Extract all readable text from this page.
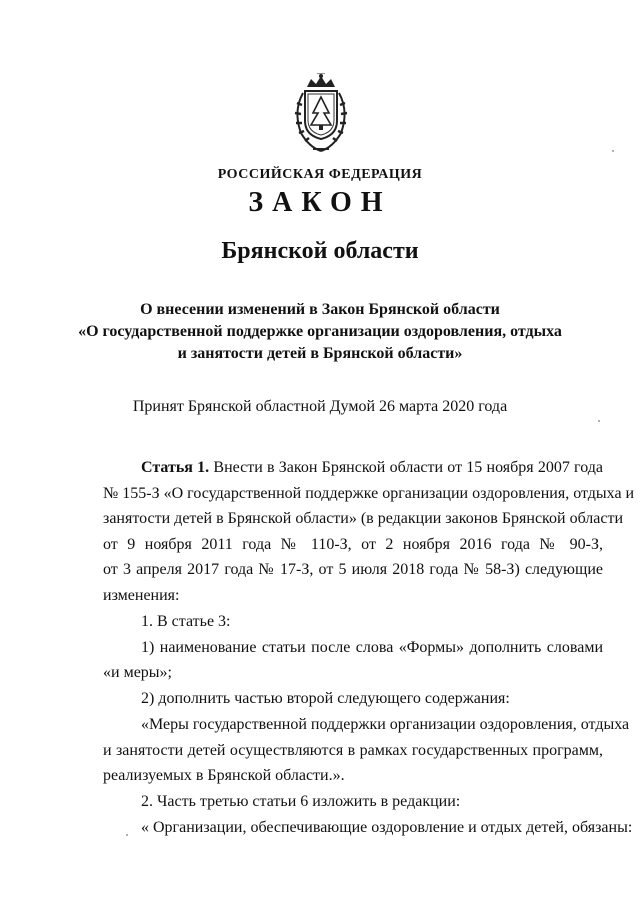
РОССИЙСКАЯ ФЕДЕРАЦИЯ

ЗАКОН

Брянской области

О внесении изменений в Закон Брянской области

«О государственной поддержке организации оздоровления, отдыха

и занятости детей в Брянской области»

Принят Брянской областной Думой 26 марта 2020 года

Статья 1. Внести в Закон Брянской области от 15 ноября 2007 года

№ 155-З «О государственной поддержке организации оздоровления, отдыха и

занятости детей в Брянской области» (в редакции законов Брянской области

от 9 ноября 2011 года № 110-З, от 2 ноября 2016 года № 90-З,

от 3 апреля 2017 года № 17-З, от 5 июля 2018 года № 58-З) следующие

изменения:

1. В статье 3:

1) наименование статьи после слова «Формы» дополнить словами

«и меры»;

2) дополнить частью второй следующего содержания:

«Меры государственной поддержки организации оздоровления, отдыха

и занятости детей осуществляются в рамках государственных программ,

реализуемых в Брянской области.».

2. Часть третью статьи 6 изложить в редакции:

« Организации, обеспечивающие оздоровление и отдых детей, обязаны:
